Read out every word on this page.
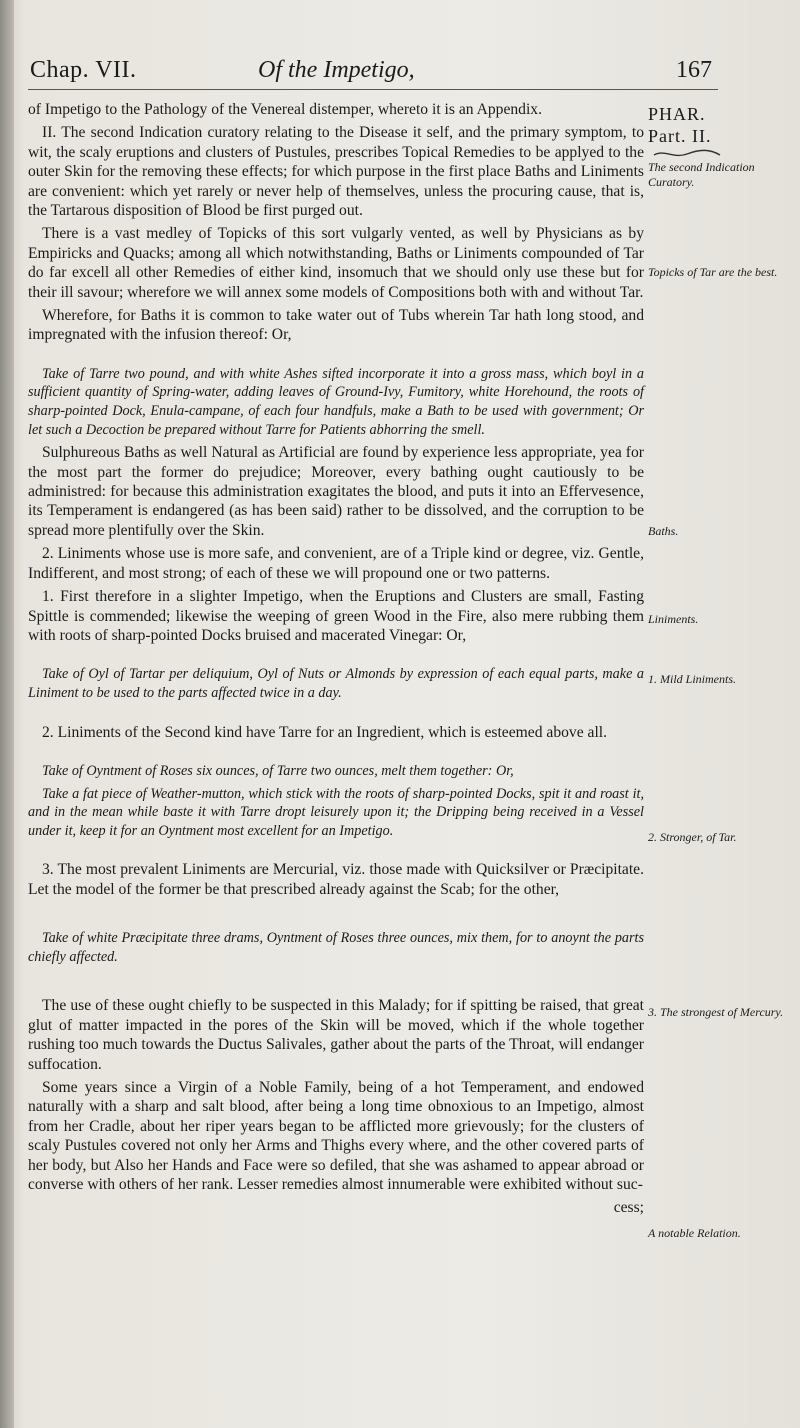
Chap. VII.	Of the Impetigo,	167
PHAR.
Part. II.
The second Indication Curatory.
Topicks of Tar are the best.
Baths.
Liniments.
1. Mild Liniments.
2. Stronger, of Tar.
3. The strongest of Mercury.
A notable Relation.

of Impetigo to the Pathology of the Venereal distemper, whereto it is an Appendix.

II. The second Indication curatory relating to the Disease it self, and the primary symptom, to wit, the scaly eruptions and clusters of Pustules, prescribes Topical Remedies to be applyed to the outer Skin for the removing these effects; for which purpose in the first place Baths and Liniments are convenient: which yet rarely or never help of themselves, unless the procuring cause, that is, the Tartarous disposition of Blood be first purged out.

There is a vast medley of Topicks of this sort vulgarly vented, as well by Physicians as by Empiricks and Quacks; among all which notwithstanding, Baths or Liniments compounded of Tar do far excell all other Remedies of either kind, insomuch that we should only use these but for their ill savour; wherefore we will annex some models of Compositions both with and without Tar.

Wherefore, for Baths it is common to take water out of Tubs wherein Tar hath long stood, and impregnated with the infusion thereof: Or,

Take of Tarre two pound, and with white Ashes sifted incorporate it into a gross mass, which boyl in a sufficient quantity of Spring-water, adding leaves of Ground-Ivy, Fumitory, white Horehound, the roots of sharp-pointed Dock, Enula-campane, of each four handfuls, make a Bath to be used with government; Or let such a Decoction be prepared without Tarre for Patients abhorring the smell.

Sulphureous Baths as well Natural as Artificial are found by experience less appropriate, yea for the most part the former do prejudice; Moreover, every bathing ought cautiously to be administred: for because this administration exagitates the blood, and puts it into an Effervesence, its Temperament is endangered (as has been said) rather to be dissolved, and the corruption to be spread more plentifully over the Skin.

2. Liniments whose use is more safe, and convenient, are of a Triple kind or degree, viz. Gentle, Indifferent, and most strong; of each of these we will propound one or two patterns.

1. First therefore in a slighter Impetigo, when the Eruptions and Clusters are small, Fasting Spittle is commended; likewise the weeping of green Wood in the Fire, also mere rubbing them with roots of sharp-pointed Docks bruised and macerated Vinegar: Or,

Take of Oyl of Tartar per deliquium, Oyl of Nuts or Almonds by expression of each equal parts, make a Liniment to be used to the parts affected twice in a day.

2. Liniments of the Second kind have Tarre for an Ingredient, which is esteemed above all.

Take of Oyntment of Roses six ounces, of Tarre two ounces, melt them together: Or,

Take a fat piece of Weather-mutton, which stick with the roots of sharp-pointed Docks, spit it and roast it, and in the mean while baste it with Tarre dropt leisurely upon it; the Dripping being received in a Vessel under it, keep it for an Oyntment most excellent for an Impetigo.

3. The most prevalent Liniments are Mercurial, viz. those made with Quicksilver or Præcipitate. Let the model of the former be that prescribed already against the Scab; for the other,

Take of white Præcipitate three drams, Oyntment of Roses three ounces, mix them, for to anoynt the parts chiefly affected.

The use of these ought chiefly to be suspected in this Malady; for if spitting be raised, that great glut of matter impacted in the pores of the Skin will be moved, which if the whole together rushing too much towards the Ductus Salivales, gather about the parts of the Throat, will endanger suffocation.

Some years since a Virgin of a Noble Family, being of a hot Temperament, and endowed naturally with a sharp and salt blood, after being a long time obnoxious to an Impetigo, almost from her Cradle, about her riper years began to be afflicted more grievously; for the clusters of scaly Pustules covered not only her Arms and Thighs every where, and the other covered parts of her body, but Also her Hands and Face were so defiled, that she was ashamed to appear abroad or converse with others of her rank. Lesser remedies almost innumerable were exhibited without suc-

cess;
